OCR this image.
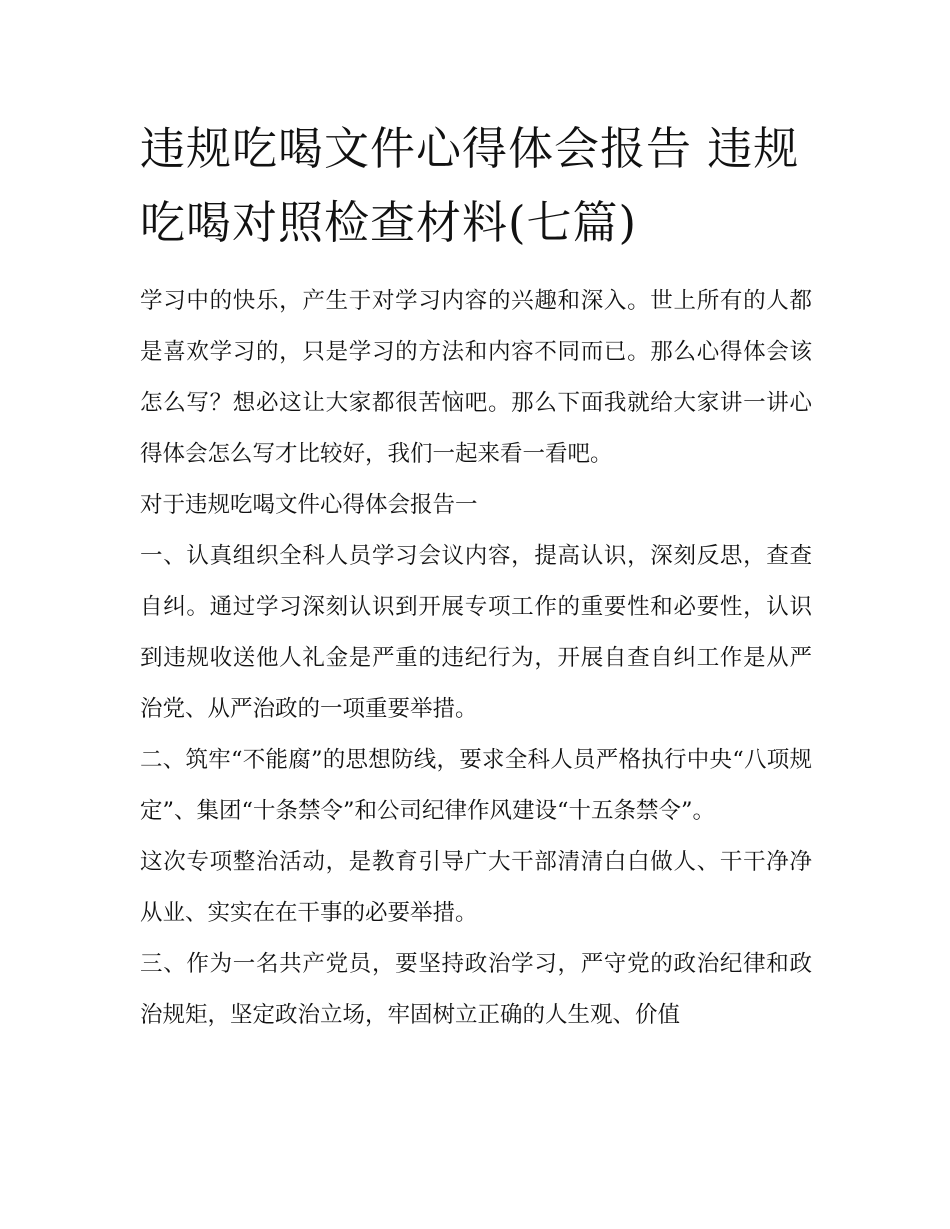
违规吃喝文件心得体会报告 违规吃喝对照检查材料(七篇)

学习中的快乐，产生于对学习内容的兴趣和深入。世上所有的人都是喜欢学习的，只是学习的方法和内容不同而已。那么心得体会该怎么写？想必这让大家都很苦恼吧。那么下面我就给大家讲一讲心得体会怎么写才比较好，我们一起来看一看吧。

对于违规吃喝文件心得体会报告一

一、认真组织全科人员学习会议内容，提高认识，深刻反思，查查自纠。通过学习深刻认识到开展专项工作的重要性和必要性，认识到违规收送他人礼金是严重的违纪行为，开展自查自纠工作是从严治党、从严治政的一项重要举措。

二、筑牢“不能腐”的思想防线，要求全科人员严格执行中央“八项规定”、集团“十条禁令”和公司纪律作风建设“十五条禁令”。

这次专项整治活动，是教育引导广大干部清清白白做人、干干净净从业、实实在在干事的必要举措。

三、作为一名共产党员，要坚持政治学习，严守党的政治纪律和政治规矩，坚定政治立场，牢固树立正确的人生观、价值
